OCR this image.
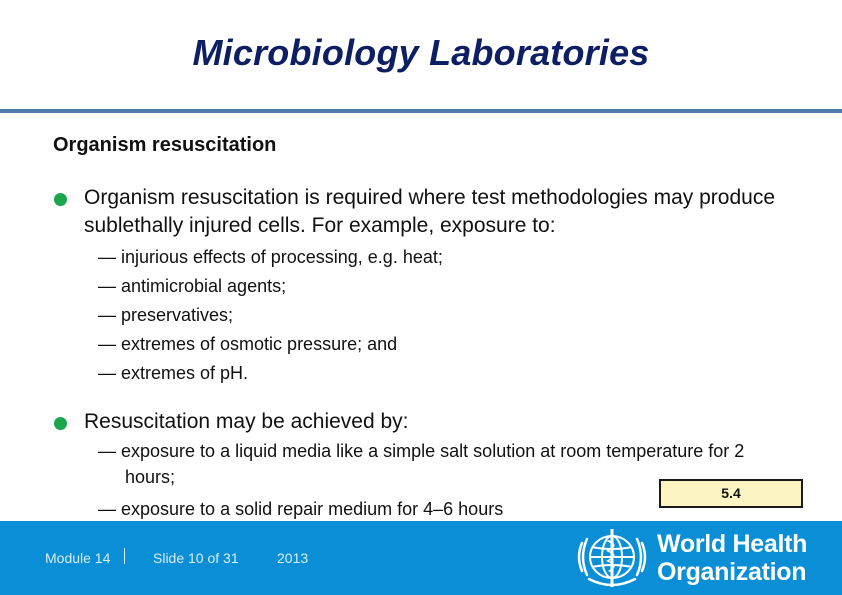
Microbiology Laboratories
Organism resuscitation
Organism resuscitation is required where test methodologies may produce sublethally injured cells. For example, exposure to:
— injurious effects of processing, e.g. heat;
— antimicrobial agents;
— preservatives;
— extremes of osmotic pressure; and
— extremes of pH.
Resuscitation may be achieved by:
— exposure to a liquid media like a simple salt solution at room temperature for 2 hours;
— exposure to a solid repair medium for 4–6 hours
5.4
Module 14	Slide 10 of 31	2013	World Health
Organization
